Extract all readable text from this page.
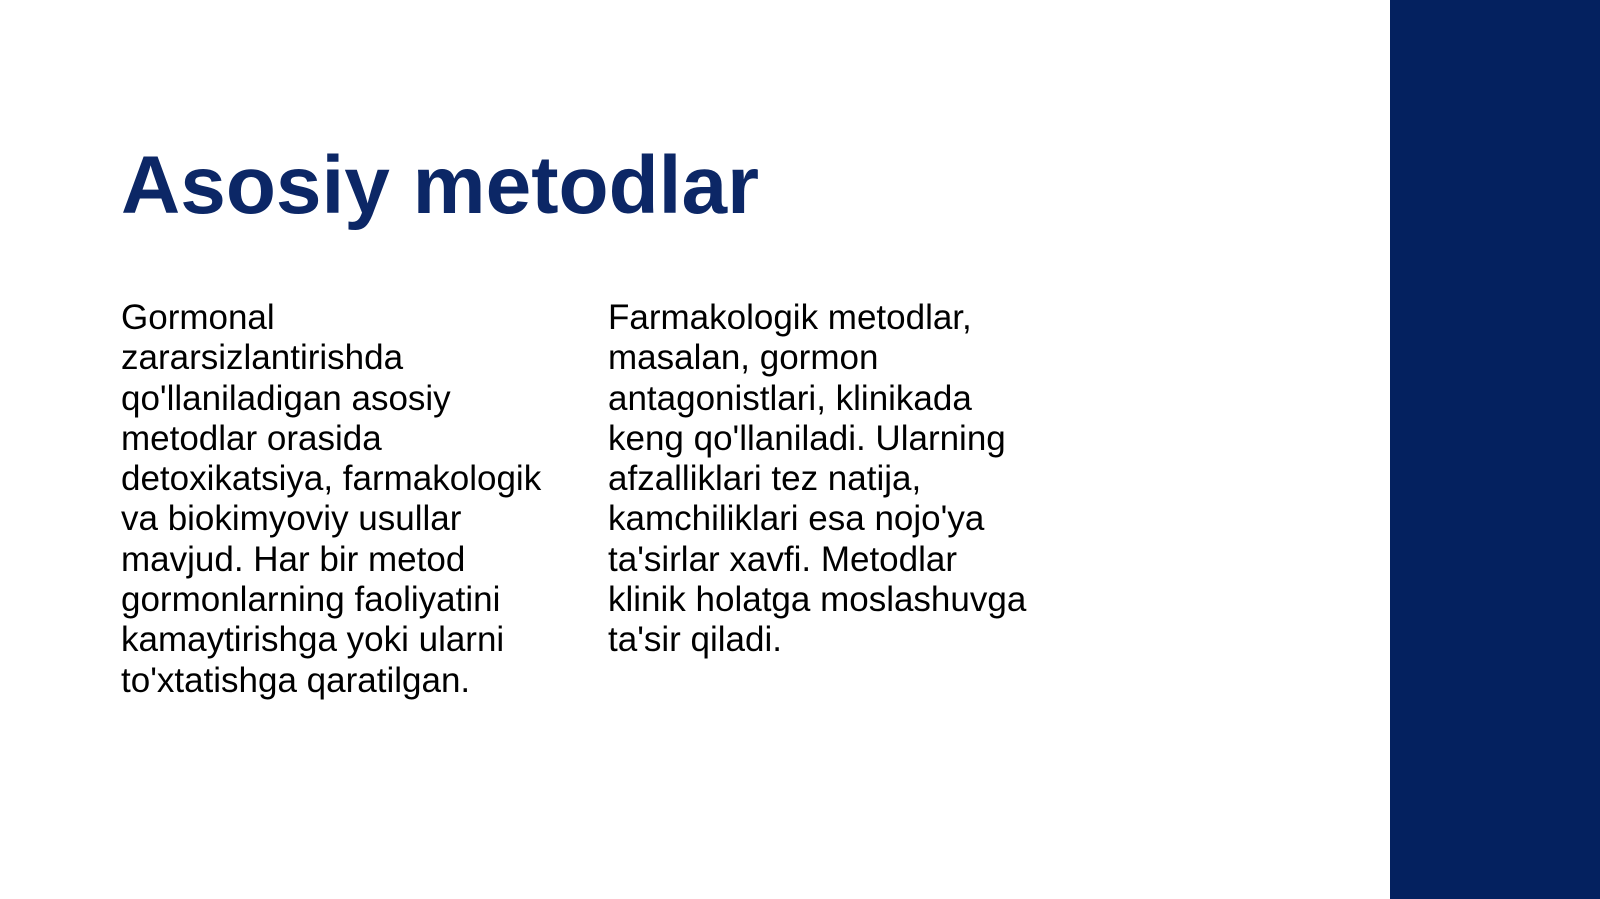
Asosiy metodlar

Gormonal zararsizlantirishda qo'llaniladigan asosiy metodlar orasida detoxikatsiya, farmakologik va biokimyoviy usullar mavjud. Har bir metod gormonlarning faoliyatini kamaytirishga yoki ularni to'xtatishga qaratilgan.

Farmakologik metodlar, masalan, gormon antagonistlari, klinikada keng qo'llaniladi. Ularning afzalliklari tez natija, kamchiliklari esa nojo'ya ta'sirlar xavfi. Metodlar klinik holatga moslashuvga ta'sir qiladi.
